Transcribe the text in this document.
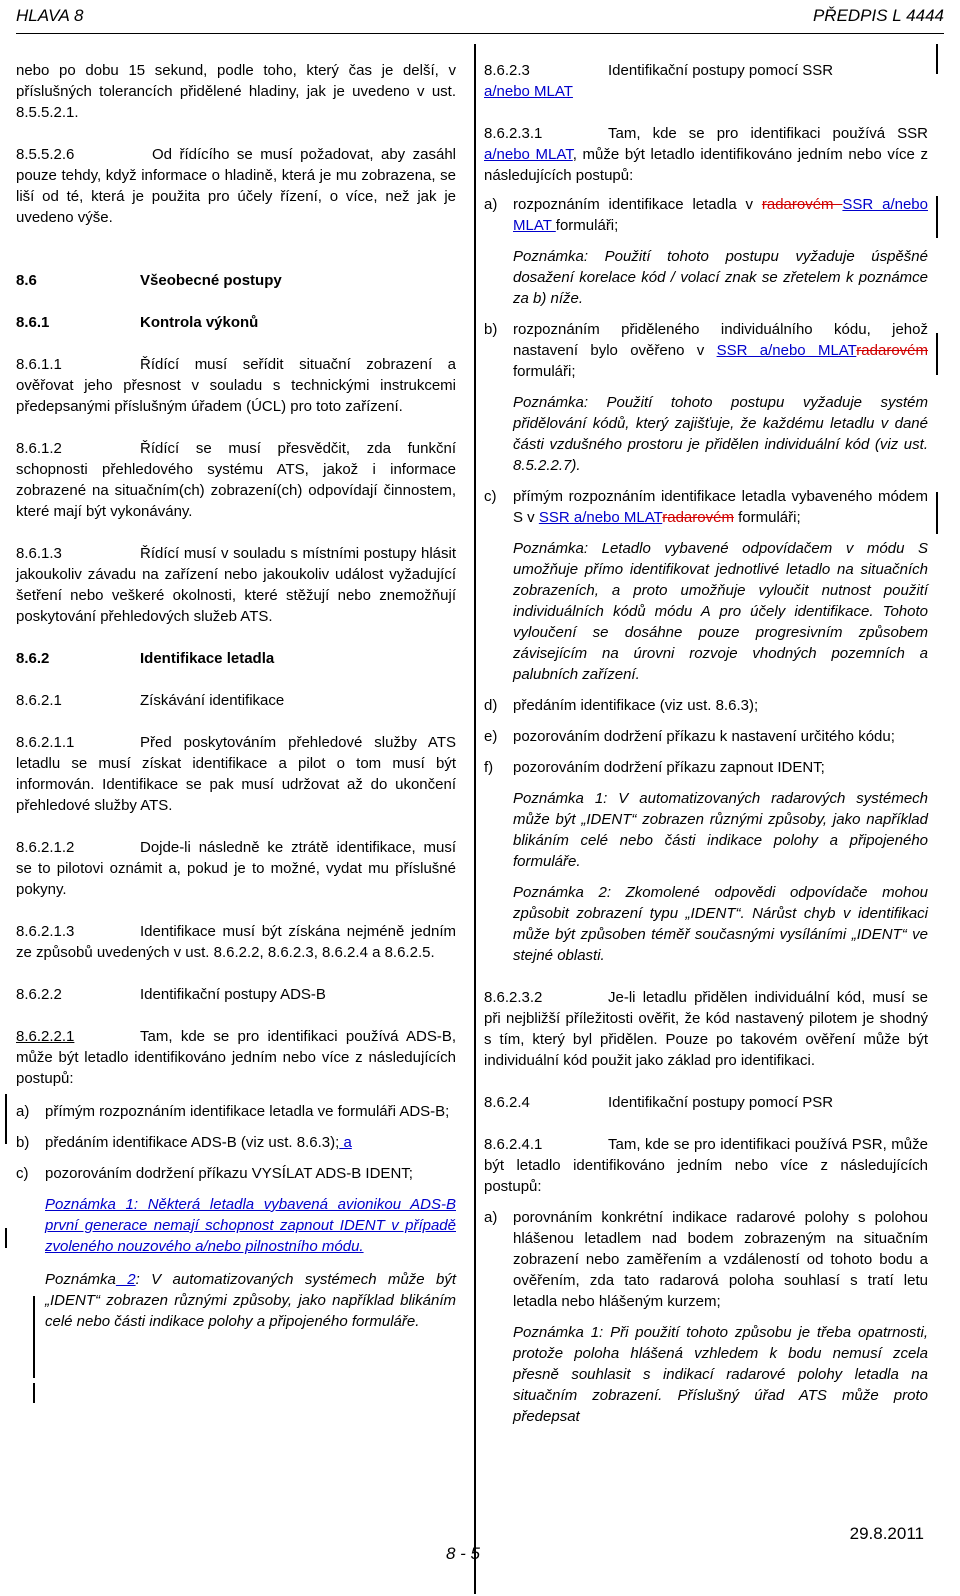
HLAVA 8	PŘEDPIS L 4444
nebo po dobu 15 sekund, podle toho, který čas je delší, v příslušných tolerancích přidělené hladiny, jak je uvedeno v ust. 8.5.5.2.1.
8.5.5.2.6	Od řídícího se musí požadovat, aby zasáhl pouze tehdy, když informace o hladině, která je mu zobrazena, se liší od té, která je použita pro účely řízení, o více, než jak je uvedeno výše.
8.6	Všeobecné postupy
8.6.1	Kontrola výkonů
8.6.1.1	Řídící musí seřídit situační zobrazení a ověřovat jeho přesnost v souladu s technickými instrukcemi předepsanými příslušným úřadem (ÚCL) pro toto zařízení.
8.6.1.2	Řídící se musí přesvědčit, zda funkční schopnosti přehledového systému ATS, jakož i informace zobrazené na situačním(ch) zobrazení(ch) odpovídají činnostem, které mají být vykonávány.
8.6.1.3	Řídící musí v souladu s místními postupy hlásit jakoukoliv závadu na zařízení nebo jakoukoliv událost vyžadující šetření nebo veškeré okolnosti, které stěžují nebo znemožňují poskytování přehledových služeb ATS.
8.6.2	Identifikace letadla
8.6.2.1	Získávání identifikace
8.6.2.1.1	Před poskytováním přehledové služby ATS letadlu se musí získat identifikace a pilot o tom musí být informován. Identifikace se pak musí udržovat až do ukončení přehledové služby ATS.
8.6.2.1.2	Dojde-li následně ke ztrátě identifikace, musí se to pilotovi oznámit a, pokud je to možné, vydat mu příslušné pokyny.
8.6.2.1.3	Identifikace musí být získána nejméně jedním ze způsobů uvedených v ust. 8.6.2.2, 8.6.2.3, 8.6.2.4 a 8.6.2.5.
8.6.2.2	Identifikační postupy ADS-B
8.6.2.2.1	Tam, kde se pro identifikaci používá ADS-B, může být letadlo identifikováno jedním nebo více z následujících postupů:
a)	přímým rozpoznáním identifikace letadla ve formuláři ADS-B;
b)	předáním identifikace ADS-B (viz ust. 8.6.3); a
c)	pozorováním dodržení příkazu VYSÍLAT ADS-B IDENT;
Poznámka 1: Některá letadla vybavená avionikou ADS-B první generace nemají schopnost zapnout IDENT v případě zvoleného nouzového a/nebo pilnostního módu.
Poznámka 2: V automatizovaných systémech může být „IDENT“ zobrazen různými způsoby, jako například blikáním celé nebo části indikace polohy a připojeného formuláře.
8.6.2.3	Identifikační postupy pomocí SSR
a/nebo MLAT
8.6.2.3.1	Tam, kde se pro identifikaci používá SSR a/nebo MLAT, může být letadlo identifikováno jedním nebo více z následujících postupů:
a)	rozpoznáním identifikace letadla v radarovém SSR a/nebo MLAT formuláři;
Poznámka: Použití tohoto postupu vyžaduje úspěšné dosažení korelace kód / volací znak se zřetelem k poznámce za b) níže.
b)	rozpoznáním přiděleného individuálního kódu, jehož nastavení bylo ověřeno v SSR a/nebo MLATradarovém formuláři;
Poznámka: Použití tohoto postupu vyžaduje systém přidělování kódů, který zajišťuje, že každému letadlu v dané části vzdušného prostoru je přidělen individuální kód (viz ust. 8.5.2.2.7).
c)	přímým rozpoznáním identifikace letadla vybaveného módem S v SSR a/nebo MLATradarovém formuláři;
Poznámka: Letadlo vybavené odpovídačem v módu S umožňuje přímo identifikovat jednotlivé letadlo na situačních zobrazeních, a proto umožňuje vyloučit nutnost použití individuálních kódů módu A pro účely identifikace. Tohoto vyloučení se dosáhne pouze progresivním způsobem závisejícím na úrovni rozvoje vhodných pozemních a palubních zařízení.
d)	předáním identifikace (viz ust. 8.6.3);
e)	pozorováním dodržení příkazu k nastavení určitého kódu;
f)	pozorováním dodržení příkazu zapnout IDENT;
Poznámka 1: V automatizovaných radarových systémech může být „IDENT“ zobrazen různými způsoby, jako například blikáním celé nebo části indikace polohy a připojeného formuláře.
Poznámka 2: Zkomolené odpovědi odpovídače mohou způsobit zobrazení typu „IDENT“. Nárůst chyb v identifikaci může být způsoben téměř současnými vysíláními „IDENT“ ve stejné oblasti.
8.6.2.3.2	Je-li letadlu přidělen individuální kód, musí se při nejbližší příležitosti ověřit, že kód nastavený pilotem je shodný s tím, který byl přidělen. Pouze po takovém ověření může být individuální kód použit jako základ pro identifikaci.
8.6.2.4	Identifikační postupy pomocí PSR
8.6.2.4.1	Tam, kde se pro identifikaci používá PSR, může být letadlo identifikováno jedním nebo více z následujících postupů:
a)	porovnáním konkrétní indikace radarové polohy s polohou hlášenou letadlem nad bodem zobrazeným na situačním zobrazení nebo zaměřením a vzdáleností od tohoto bodu a ověřením, zda tato radarová poloha souhlasí s tratí letu letadla nebo hlášeným kurzem;
Poznámka 1: Při použití tohoto způsobu je třeba opatrnosti, protože poloha hlášená vzhledem k bodu nemusí zcela přesně souhlasit s indikací radarové polohy letadla na situačním zobrazení. Příslušný úřad ATS může proto předepsat
29.8.2011
8 - 5
